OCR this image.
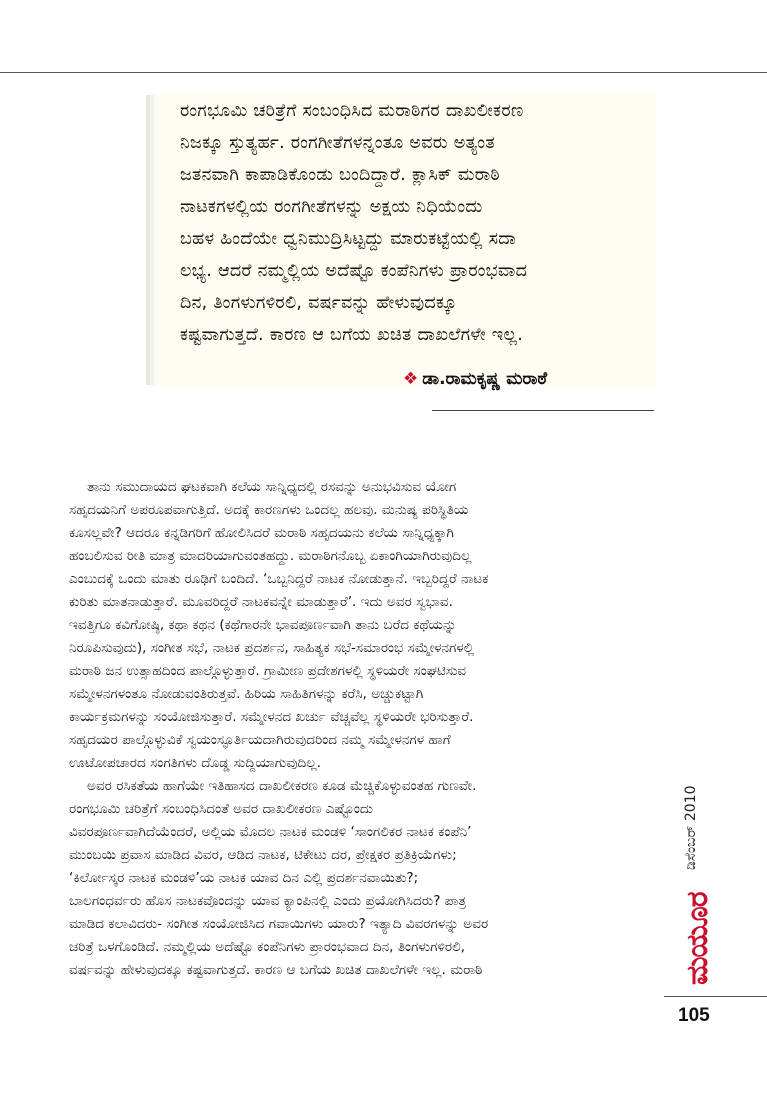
ರಂಗಭೂಮಿ ಚರಿತ್ರೆಗೆ ಸಂಬಂಧಿಸಿದ ಮರಾಠಿಗರ ದಾಖಲೀಕರಣ
ನಿಜಕ್ಕೂ ಸ್ತುತ್ಯರ್ಹ. ರಂಗಗೀತೆಗಳನ್ನಂತೂ ಅವರು ಅತ್ಯಂತ
ಜತನವಾಗಿ ಕಾಪಾಡಿಕೊಂಡು ಬಂದಿದ್ದಾರೆ. ಕ್ಲಾಸಿಕ್ ಮರಾಠಿ
ನಾಟಕಗಳಲ್ಲಿಯ ರಂಗಗೀತೆಗಳನ್ನು ಅಕ್ಷಯ ನಿಧಿಯೆಂದು
ಬಹಳ ಹಿಂದೆಯೇ ಧ್ವನಿಮುದ್ರಿಸಿಟ್ಟದ್ದು ಮಾರುಕಟ್ಟೆಯಲ್ಲಿ ಸದಾ
ಲಭ್ಯ. ಆದರೆ ನಮ್ಮಲ್ಲಿಯ ಅದೆಷ್ಟೊ ಕಂಪೆನಿಗಳು ಪ್ರಾರಂಭವಾದ
ದಿನ, ತಿಂಗಳುಗಳಿರಲಿ, ವರ್ಷವನ್ನು ಹೇಳುವುದಕ್ಕೂ
ಕಷ್ಟವಾಗುತ್ತದೆ. ಕಾರಣ ಆ ಬಗೆಯ ಖಚಿತ ದಾಖಲೆಗಳೇ ಇಲ್ಲ.
❖ ಡಾ.ರಾಮಕೃಷ್ಣ ಮರಾಠೆ
ತಾನು ಸಮುದಾಯದ ಘಟಕವಾಗಿ ಕಲೆಯ ಸಾನ್ನಿಧ್ಯದಲ್ಲಿ ರಸವನ್ನು ಅನುಭವಿಸುವ ಯೋಗ
ಸಹೃದಯನಿಗೆ ಅಪರೂಪವಾಗುತ್ತಿದೆ. ಅದಕ್ಕೆ ಕಾರಣಗಳು ಒಂದಲ್ಲ ಹಲವು. ಮನುಷ್ಯ ಪರಿಸ್ಥಿತಿಯ
ಕೂಸಲ್ಲವೇ? ಆದರೂ ಕನ್ನಡಿಗರಿಗೆ ಹೋಲಿಸಿದರೆ ಮರಾಠಿ ಸಹೃದಯನು ಕಲೆಯ ಸಾನ್ನಿಧ್ಯಕ್ಕಾಗಿ
ಹಂಬಲಿಸುವ ರೀತಿ ಮಾತ್ರ ಮಾದರಿಯಾಗುವಂತಹದ್ದು. ಮರಾಠಿಗನೊಬ್ಬ ಏಕಾಂಗಿಯಾಗಿರುವುದಿಲ್ಲ
ಎಂಬುದಕ್ಕೆ ಒಂದು ಮಾತು ರೂಢಿಗೆ ಬಂದಿದೆ. ‘ಒಬ್ಬನಿದ್ದರೆ ನಾಟಕ ನೋಡುತ್ತಾನೆ. ಇಬ್ಬರಿದ್ದರೆ ನಾಟಕ
ಕುರಿತು ಮಾತನಾಡುತ್ತಾರೆ. ಮೂವರಿದ್ದರೆ ನಾಟಕವನ್ನೇ ಮಾಡುತ್ತಾರೆ’. ಇದು ಅವರ ಸ್ವಭಾವ.
ಇವತ್ತಿಗೂ ಕವಿಗೋಷ್ಠಿ, ಕಥಾ ಕಥನ (ಕಥೆಗಾರನೇ ಭಾವಪೂರ್ಣವಾಗಿ ತಾನು ಬರೆದ ಕಥೆಯನ್ನು
ನಿರೂಪಿಸುವುದು), ಸಂಗೀತ ಸಭೆ, ನಾಟಕ ಪ್ರದರ್ಶನ, ಸಾಹಿತ್ಯಕ ಸಭೆ-ಸಮಾರಂಭ ಸಮ್ಮೇಳನಗಳಲ್ಲಿ
ಮರಾಠಿ ಜನ ಉತ್ಸಾಹದಿಂದ ಪಾಲ್ಗೊಳ್ಳುತ್ತಾರೆ. ಗ್ರಾಮೀಣ ಪ್ರದೇಶಗಳಲ್ಲಿ ಸ್ಥಳಿಯರೇ ಸಂಘಟಿಸುವ
ಸಮ್ಮೇಳನಗಳಂತೂ ನೋಡುವಂತಿರುತ್ತವೆ. ಹಿರಿಯ ಸಾಹಿತಿಗಳನ್ನು ಕರೆಸಿ, ಅಚ್ಚುಕಟ್ಟಾಗಿ
ಕಾರ್ಯಕ್ರಮಗಳನ್ನು ಸಂಯೋಜಿಸುತ್ತಾರೆ. ಸಮ್ಮೇಳನದ ಖರ್ಚು ವೆಚ್ಚವೆಲ್ಲ ಸ್ಥಳಿಯರೇ ಭರಿಸುತ್ತಾರೆ.
ಸಹೃದಯರ ಪಾಲ್ಗೊಳ್ಳುವಿಕೆ ಸ್ವಯಂಸ್ಫೂರ್ತಿಯದಾಗಿರುವುದರಿಂದ ನಮ್ಮ ಸಮ್ಮೇಳನಗಳ ಹಾಗೆ
ಊಟೋಪಚಾರದ ಸಂಗತಿಗಳು ದೊಡ್ಡ ಸುದ್ದಿಯಾಗುವುದಿಲ್ಲ.
ಅವರ ರಸಿಕತೆಯ ಹಾಗೆಯೇ ಇತಿಹಾಸದ ದಾಖಲೀಕರಣ ಕೂಡ ಮೆಚ್ಚಿಕೊಳ್ಳುವಂತಹ ಗುಣವೇ.
ರಂಗಭೂಮಿ ಚರಿತ್ರೆಗೆ ಸಂಬಂಧಿಸಿದಂತೆ ಅವರ ದಾಖಲೀಕರಣ ಎಷ್ಟೊಂದು
ವಿವರಪೂರ್ಣವಾಗಿದೆಯೆಂದರೆ, ಅಲ್ಲಿಯ ಮೊದಲ ನಾಟಕ ಮಂಡಳಿ ‘ಸಾಂಗಲಿಕರ ನಾಟಕ ಕಂಪೆನಿ’
ಮುಂಬಯಿ ಪ್ರವಾಸ ಮಾಡಿದ ವಿವರ, ಆಡಿದ ನಾಟಕ, ಟಿಕೇಟು ದರ, ಪ್ರೇಕ್ಷಕರ ಪ್ರತಿಕ್ರಿಯೆಗಳು;
‘ಕಿರ್ಲೋಸ್ಕರ ನಾಟಕ ಮಂಡಳಿ’ಯ ನಾಟಕ ಯಾವ ದಿನ ಎಲ್ಲಿ ಪ್ರದರ್ಶನವಾಯಿತು?;
ಬಾಲಗಂಧರ್ವರು ಹೊಸ ನಾಟಕವೊಂದನ್ನು ಯಾವ ಕ್ಯಾಂಪಿನಲ್ಲಿ ಎಂದು ಪ್ರಯೋಗಿಸಿದರು? ಪಾತ್ರ
ಮಾಡಿದ ಕಲಾವಿದರು- ಸಂಗೀತ ಸಂಯೋಜಿಸಿದ ಗವಾಯಿಗಳು ಯಾರು? ಇತ್ಯಾದಿ ವಿವರಗಳನ್ನು ಅವರ
ಚರಿತ್ರೆ ಒಳಗೊಂಡಿದೆ. ನಮ್ಮಲ್ಲಿಯ ಅದೆಷ್ಟೊ ಕಂಪೆನಿಗಳು ಪ್ರಾರಂಭವಾದ ದಿನ, ತಿಂಗಳುಗಳಿರಲಿ,
ವರ್ಷವನ್ನು ಹೇಳುವುದಕ್ಕೂ ಕಷ್ಟವಾಗುತ್ತದೆ. ಕಾರಣ ಆ ಬಗೆಯ ಖಚಿತ ದಾಖಲೆಗಳೇ ಇಲ್ಲ. ಮರಾಠಿ
ಡಿಸೆಂಬರ್ 2010
ಮಯೂರ
105
